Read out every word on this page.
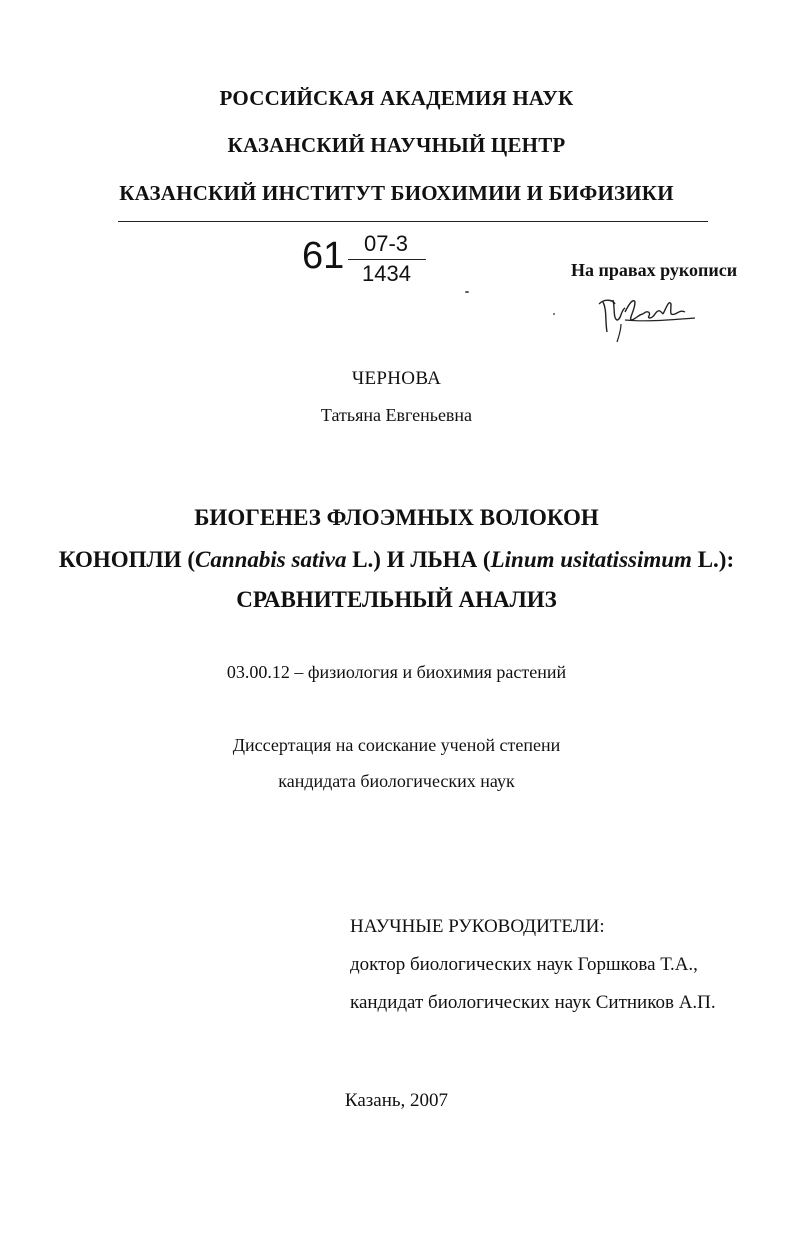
РОССИЙСКАЯ АКАДЕМИЯ НАУК
КАЗАНСКИЙ НАУЧНЫЙ ЦЕНТР
КАЗАНСКИЙ ИНСТИТУТ БИОХИМИИ И БИФИЗИКИ
61 07-3
1434	На правах рукописи
ЧЕРНОВА
Татьяна Евгеньевна
БИОГЕНЕЗ ФЛОЭМНЫХ ВОЛОКОН
КОНОПЛИ (Cannabis sativa L.) И ЛЬНА (Linum usitatissimum L.):
СРАВНИТЕЛЬНЫЙ АНАЛИЗ
03.00.12 – физиология и биохимия растений
Диссертация на соискание ученой степени
кандидата биологических наук
НАУЧНЫЕ РУКОВОДИТЕЛИ:
доктор биологических наук Горшкова Т.А.,
кандидат биологических наук Ситников А.П.
Казань, 2007
